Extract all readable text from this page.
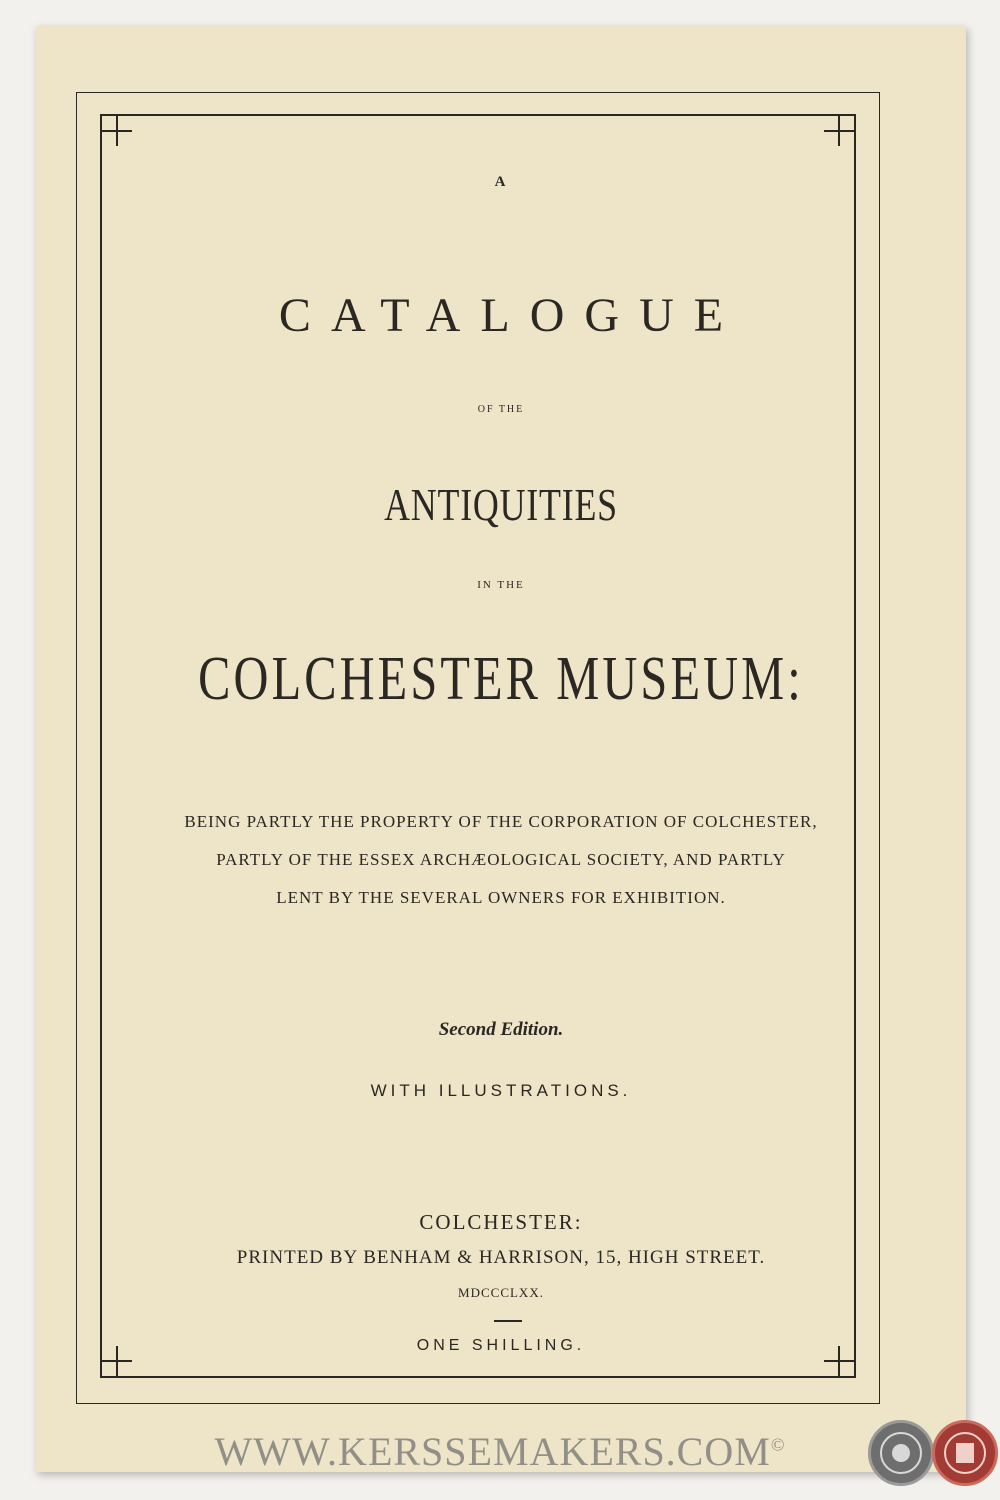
A
CATALOGUE
OF THE
ANTIQUITIES
IN THE
COLCHESTER MUSEUM:
BEING PARTLY THE PROPERTY OF THE CORPORATION OF COLCHESTER,
PARTLY OF THE ESSEX ARCHÆOLOGICAL SOCIETY, AND PARTLY
LENT BY THE SEVERAL OWNERS FOR EXHIBITION.
Second Edition.
WITH ILLUSTRATIONS.
COLCHESTER:
PRINTED BY BENHAM & HARRISON, 15, HIGH STREET.
MDCCCLXX.
ONE SHILLING.
WWW.KERSSEMAKERS.COM©
